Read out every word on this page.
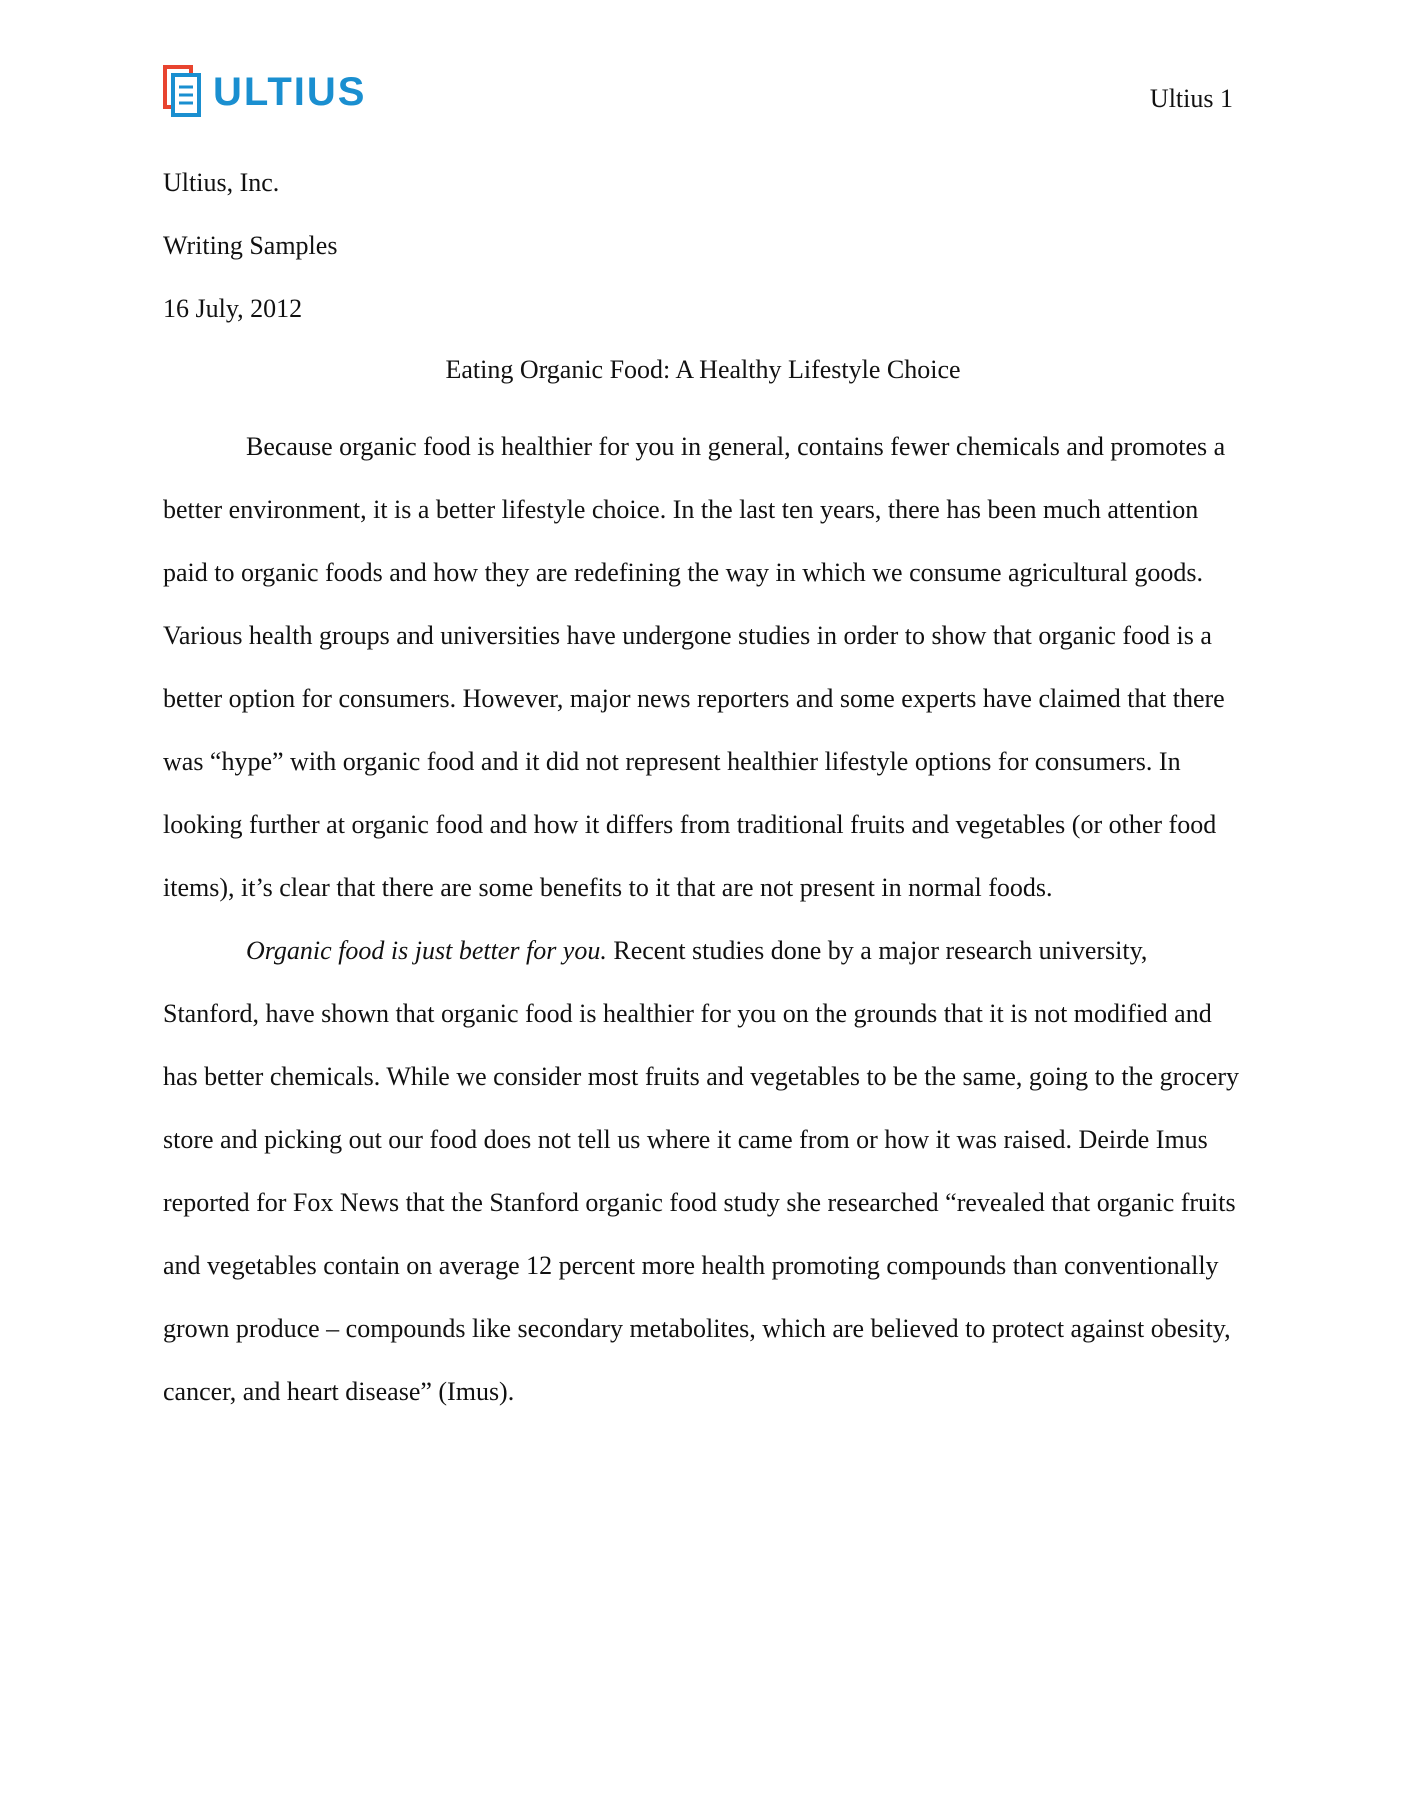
ULTIUS	Ultius 1
Ultius, Inc.
Writing Samples
16 July, 2012
Eating Organic Food: A Healthy Lifestyle Choice

Because organic food is healthier for you in general, contains fewer chemicals and promotes a better environment, it is a better lifestyle choice. In the last ten years, there has been much attention paid to organic foods and how they are redefining the way in which we consume agricultural goods. Various health groups and universities have undergone studies in order to show that organic food is a better option for consumers. However, major news reporters and some experts have claimed that there was “hype” with organic food and it did not represent healthier lifestyle options for consumers. In looking further at organic food and how it differs from traditional fruits and vegetables (or other food items), it’s clear that there are some benefits to it that are not present in normal foods.

Organic food is just better for you. Recent studies done by a major research university, Stanford, have shown that organic food is healthier for you on the grounds that it is not modified and has better chemicals. While we consider most fruits and vegetables to be the same, going to the grocery store and picking out our food does not tell us where it came from or how it was raised. Deirde Imus reported for Fox News that the Stanford organic food study she researched “revealed that organic fruits and vegetables contain on average 12 percent more health promoting compounds than conventionally grown produce – compounds like secondary metabolites, which are believed to protect against obesity, cancer, and heart disease” (Imus).
